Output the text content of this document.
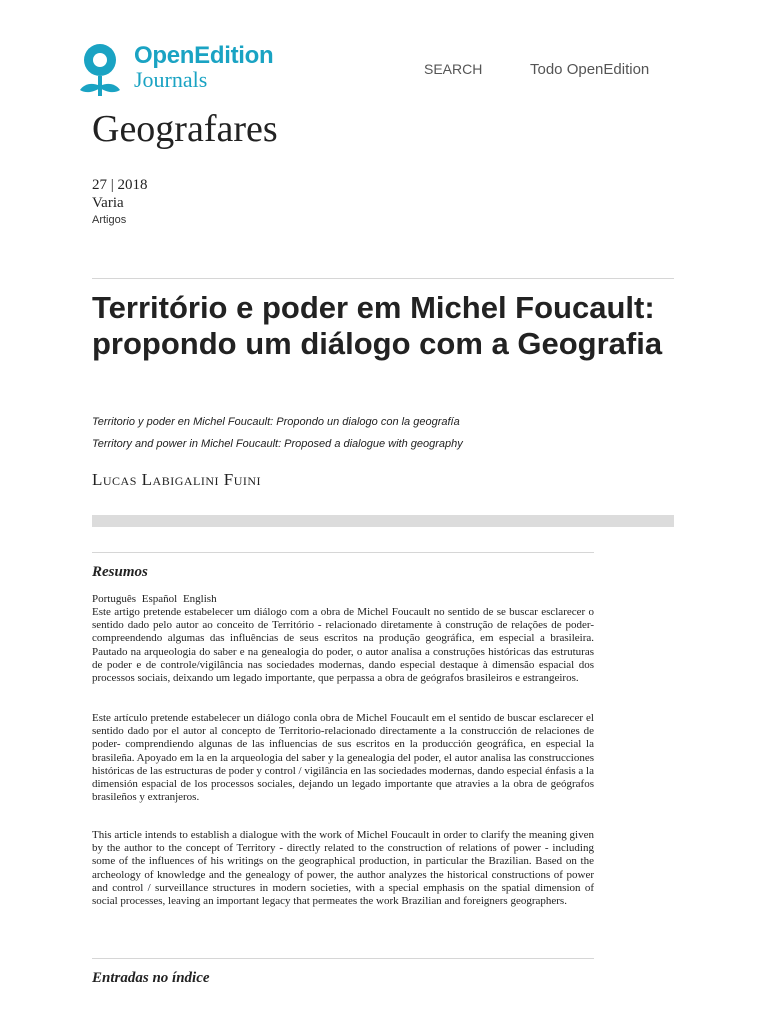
OpenEdition
Journals	SEARCH	Todo OpenEdition
Geografares
27 | 2018
Varia
Artigos
Território e poder em Michel Foucault: propondo um diálogo com a Geografia

Territorio y poder en Michel Foucault: Propondo un dialogo con la geografía

Territory and power in Michel Foucault: Proposed a dialogue with geography

Lucas Labigalini Fuini
Resumos
Português Español English

Este artigo pretende estabelecer um diálogo com a obra de Michel Foucault no sentido de se buscar esclarecer o sentido dado pelo autor ao conceito de Território - relacionado diretamente à construção de relações de poder- compreendendo algumas das influências de seus escritos na produção geográfica, em especial a brasileira. Pautado na arqueologia do saber e na genealogia do poder, o autor analisa a construções históricas das estruturas de poder e de controle/vigilância nas sociedades modernas, dando especial destaque à dimensão espacial dos processos sociais, deixando um legado importante, que perpassa a obra de geógrafos brasileiros e estrangeiros.

Este artículo pretende estabelecer un diálogo conla obra de Michel Foucault em el sentido de buscar esclarecer el sentido dado por el autor al concepto de Territorio-relacionado directamente a la construcción de relaciones de poder- comprendiendo algunas de las influencias de sus escritos en la producción geográfica, en especial la brasileña. Apoyado em la en la arqueologia del saber y la genealogia del poder, el autor analisa las construcciones históricas de las estructuras de poder y control / vigilância en las sociedades modernas, dando especial énfasis a la dimensión espacial de los processos sociales, dejando un legado importante que atravies a la obra de geógrafos brasileños y extranjeros.

This article intends to establish a dialogue with the work of Michel Foucault in order to clarify the meaning given by the author to the concept of Territory - directly related to the construction of relations of power - including some of the influences of his writings on the geographical production, in particular the Brazilian. Based on the archeology of knowledge and the genealogy of power, the author analyzes the historical constructions of power and control / surveillance structures in modern societies, with a special emphasis on the spatial dimension of social processes, leaving an important legacy that permeates the work Brazilian and foreigners geographers.

Entradas no índice
